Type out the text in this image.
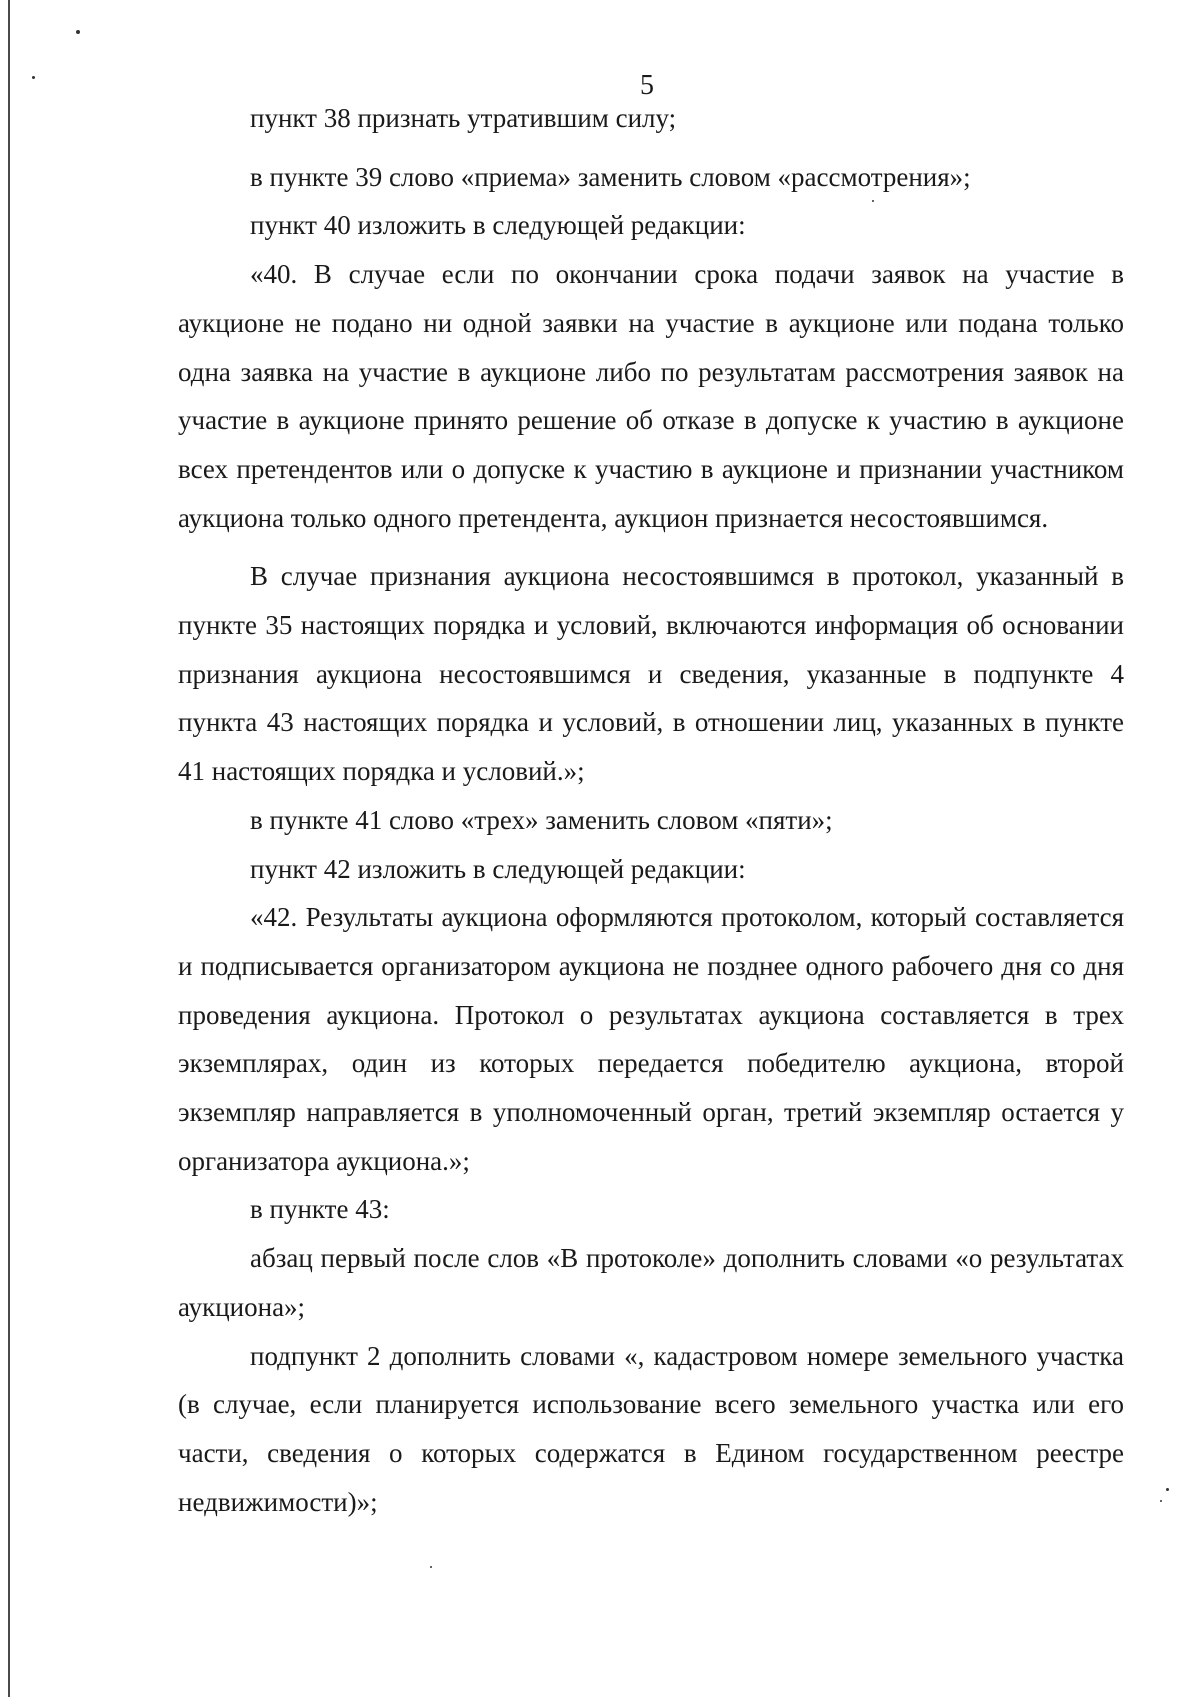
5

пункт 38 признать утратившим силу;

в пункте 39 слово «приема» заменить словом «рассмотрения»;

пункт 40 изложить в следующей редакции:

«40. В случае если по окончании срока подачи заявок на участие в аукционе не подано ни одной заявки на участие в аукционе или подана только одна заявка на участие в аукционе либо по результатам рассмотрения заявок на участие в аукционе принято решение об отказе в допуске к участию в аукционе всех претендентов или о допуске к участию в аукционе и признании участником аукциона только одного претендента, аукцион признается несостоявшимся.

В случае признания аукциона несостоявшимся в протокол, указанный в пункте 35 настоящих порядка и условий, включаются информация об основании признания аукциона несостоявшимся и сведения, указанные в подпункте 4 пункта 43 настоящих порядка и условий, в отношении лиц, указанных в пункте 41 настоящих порядка и условий.»;

в пункте 41 слово «трех» заменить словом «пяти»;

пункт 42 изложить в следующей редакции:

«42. Результаты аукциона оформляются протоколом, который составляется и подписывается организатором аукциона не позднее одного рабочего дня со дня проведения аукциона. Протокол о результатах аукциона составляется в трех экземплярах, один из которых передается победителю аукциона, второй экземпляр направляется в уполномоченный орган, третий экземпляр остается у организатора аукциона.»;

в пункте 43:

абзац первый после слов «В протоколе» дополнить словами «о результатах аукциона»;

подпункт 2 дополнить словами «, кадастровом номере земельного участка (в случае, если планируется использование всего земельного участка или его части, сведения о которых содержатся в Едином государственном реестре недвижимости)»;
